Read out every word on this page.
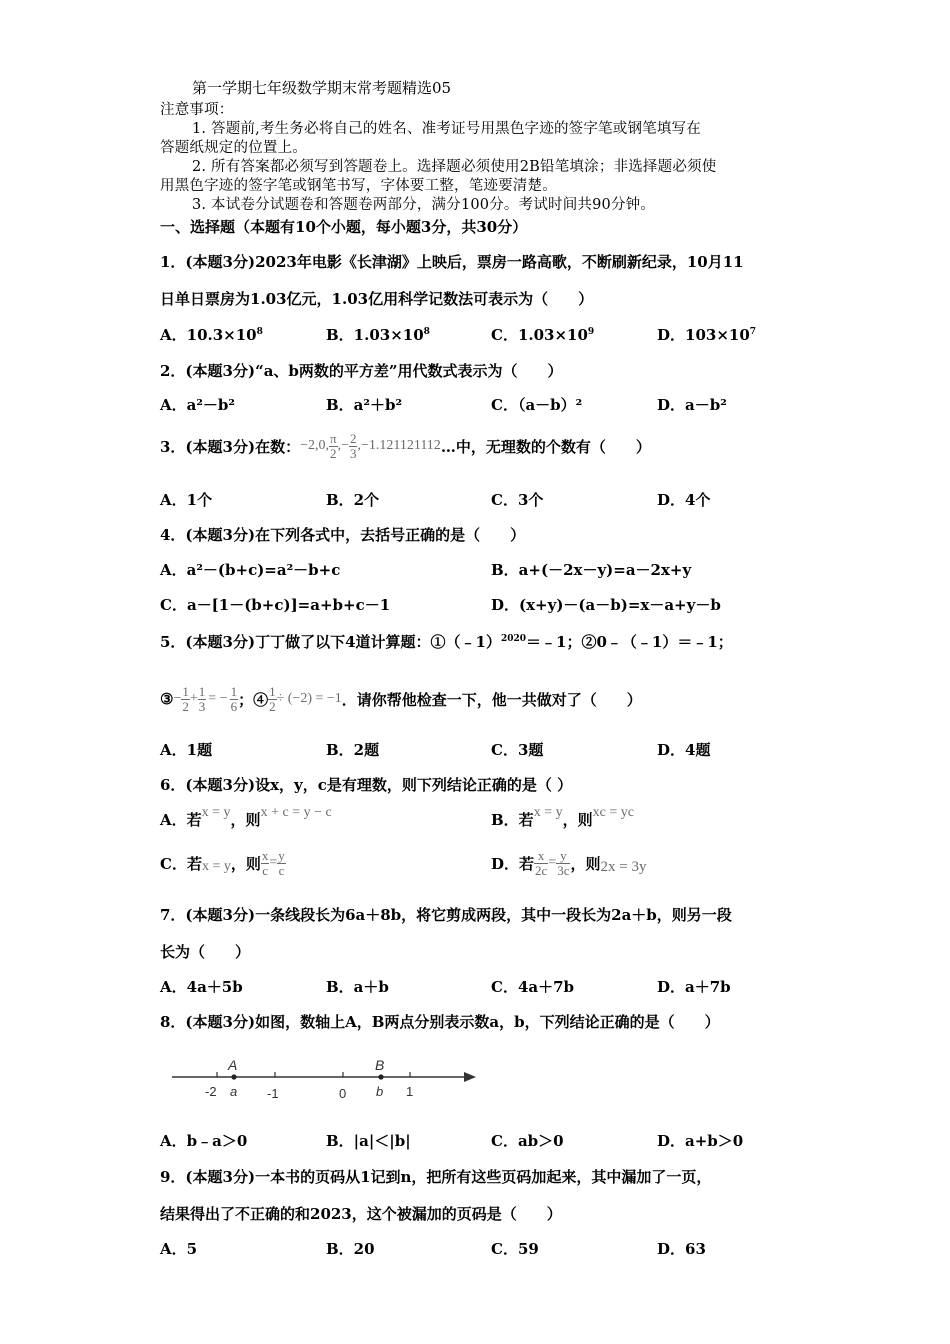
第一学期七年级数学期末常考题精选05
注意事项：
1. 答题前,考生务必将自己的姓名、准考证号用黑色字迹的签字笔或钢笔填写在
答题纸规定的位置上。
2. 所有答案都必须写到答题卷上。选择题必须使用2B铅笔填涂；非选择题必须使
用黑色字迹的签字笔或钢笔书写，字体要工整，笔迹要清楚。
3. 本试卷分试题卷和答题卷两部分，满分100分。考试时间共90分钟。
一、选择题（本题有10个小题，每小题3分，共30分）
1．(本题3分)2023年电影《长津湖》上映后，票房一路高歌，不断刷新纪录，10月11
日单日票房为1.03亿元，1.03亿用科学记数法可表示为（　　）
A．$10.3\times 10^8$	B．$1.03\times 10^8$	C．$1.03\times 10^9$	D．$103\times 10^7$
2．(本题3分)“a、b两数的平方差”用代数式表示为（　　）
A．a²－b²	B．a²＋b²	C．（a－b）²	D．a－b²
3．(本题3分)在数： −2,0, $\frac{\pi}{2}$ , − $\frac{2}{3} ,-1.121121112$ …中，无理数的个数有（　　）
A．1个	B．2个	C．3个	D．4个
4．(本题3分)在下列各式中，去括号正确的是（　　）
A．a²－(b+c)=a²－b+c	B．a+(－2x－y)=a－2x+y
C．a－[1－(b+c)]=a+b+c－1	D．(x+y)－(a－b)=x－a+y－b
5．(本题3分)丁丁做了以下4道计算题：①（﹣1）$^{2020}$＝﹣1；②0﹣（﹣1）＝﹣1；
③ − $\frac{1}{2} + \frac{1}{3}$ = − $\frac{1}{6}$ ；④ $\frac{1}{2} \div (-2) = -1$ ．请你帮他检查一下，他一共做对了（　　）
A．1题	B．2题	C．3题	D．4题
6．(本题3分)设x，y，c是有理数，则下列结论正确的是（ ）
A．若 x = y ，则 x + c = y − c	B．若 x = y ，则 xc = yc
C．若 x = y ，则 $\frac{x}{c} = \frac{y}{c}$	D．若 $\frac{x}{2c} = \frac{y}{3c}$ ，则 2x = 3y
7．(本题3分)一条线段长为6a＋8b，将它剪成两段，其中一段长为2a＋b，则另一段
长为（　　）
A．4a＋5b	B．a＋b	C．4a＋7b	D．a＋7b
8．(本题3分)如图，数轴上A，B两点分别表示数a，b，下列结论正确的是（　　）
A	B
-2 a -1	0 b 1
A．b﹣a＞0	B．|a|＜|b|	C．ab＞0	D．a+b＞0
9．(本题3分)一本书的页码从1记到n，把所有这些页码加起来，其中漏加了一页，
结果得出了不正确的和2023，这个被漏加的页码是（　　）
A．5	B．20	C．59	D．63
